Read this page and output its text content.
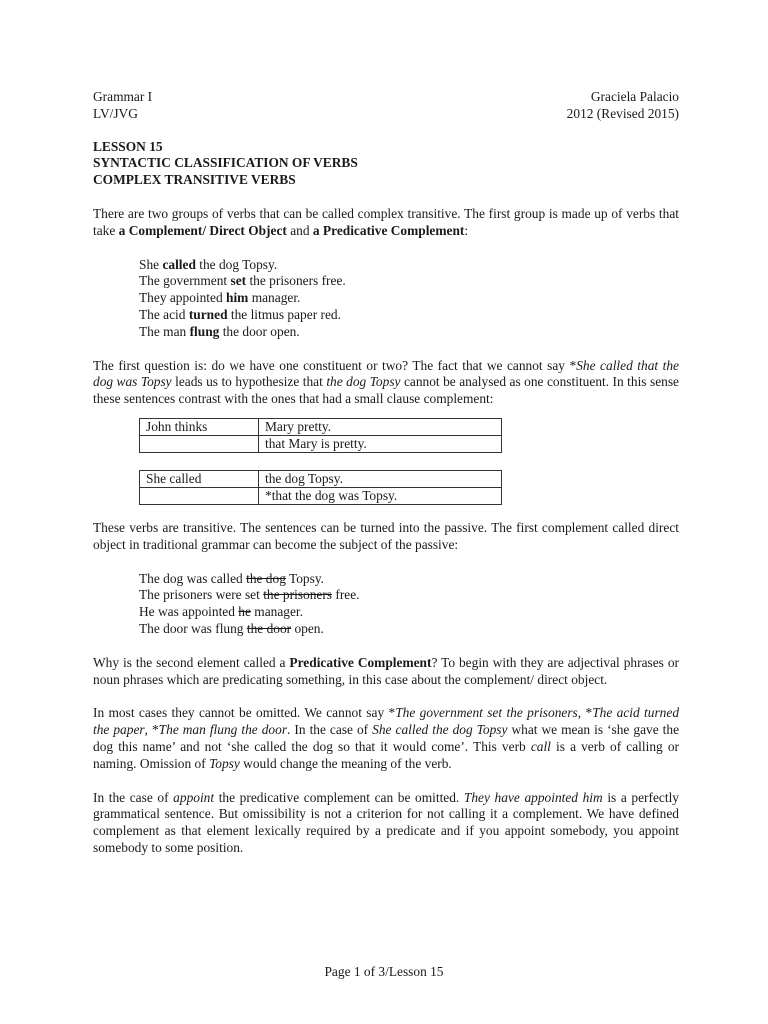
Grammar I	Graciela Palacio
LV/JVG	2012 (Revised 2015)
LESSON 15
SYNTACTIC CLASSIFICATION OF VERBS
COMPLEX TRANSITIVE VERBS

There are two groups of verbs that can be called complex transitive. The first group is made up of verbs that take a Complement/ Direct Object and a Predicative Complement:

She called the dog Topsy.
The government set the prisoners free.
They appointed him manager.
The acid turned the litmus paper red.
The man flung the door open.

The first question is: do we have one constituent or two? The fact that we cannot say *She called that the dog was Topsy leads us to hypothesize that the dog Topsy cannot be analysed as one constituent. In this sense these sentences contrast with the ones that had a small clause complement:

John thinks	Mary pretty.
	that Mary is pretty.
She called	the dog Topsy.
	*that the dog was Topsy.

These verbs are transitive. The sentences can be turned into the passive. The first complement called direct object in traditional grammar can become the subject of the passive:

The dog was called the dog Topsy.
The prisoners were set the prisoners free.
He was appointed he manager.
The door was flung the door open.

Why is the second element called a Predicative Complement? To begin with they are adjectival phrases or noun phrases which are predicating something, in this case about the complement/ direct object.

In most cases they cannot be omitted. We cannot say *The government set the prisoners, *The acid turned the paper, *The man flung the door. In the case of She called the dog Topsy what we mean is ‘she gave the dog this name’ and not ‘she called the dog so that it would come’. This verb call is a verb of calling or naming. Omission of Topsy would change the meaning of the verb.

In the case of appoint the predicative complement can be omitted. They have appointed him is a perfectly grammatical sentence. But omissibility is not a criterion for not calling it a complement. We have defined complement as that element lexically required by a predicate and if you appoint somebody, you appoint somebody to some position.

Page 1 of 3/Lesson 15
